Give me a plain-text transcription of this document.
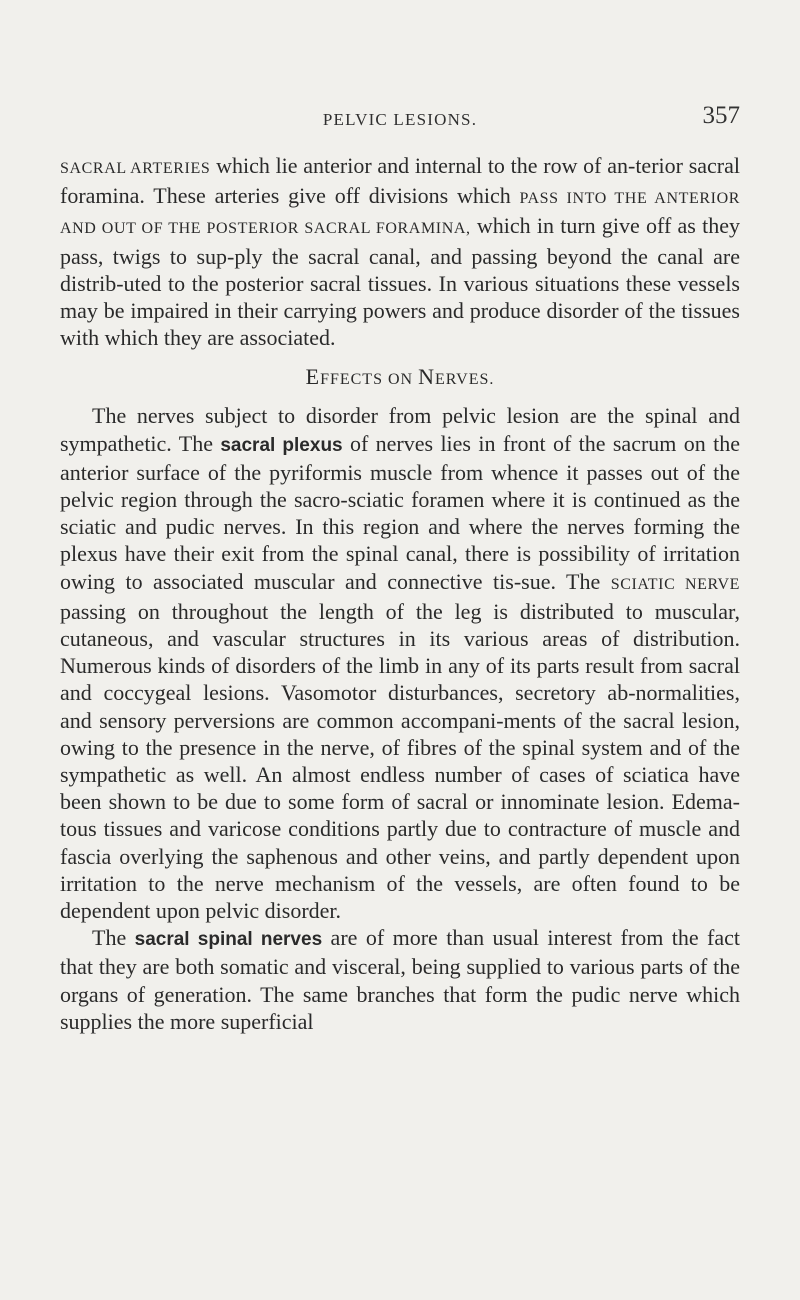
PELVIC LESIONS.	357

SACRAL ARTERIES which lie anterior and internal to the row of an-terior sacral foramina. These arteries give off divisions which PASS INTO THE ANTERIOR AND OUT OF THE POSTERIOR SACRAL FORAMINA, which in turn give off as they pass, twigs to sup-ply the sacral canal, and passing beyond the canal are distrib-uted to the posterior sacral tissues. In various situations these vessels may be impaired in their carrying powers and produce disorder of the tissues with which they are associated.

EFFECTS ON NERVES.

The nerves subject to disorder from pelvic lesion are the spinal and sympathetic. The sacral plexus of nerves lies in front of the sacrum on the anterior surface of the pyriformis muscle from whence it passes out of the pelvic region through the sacro-sciatic foramen where it is continued as the sciatic and pudic nerves. In this region and where the nerves forming the plexus have their exit from the spinal canal, there is possibility of irritation owing to associated muscular and connective tis-sue. The SCIATIC NERVE passing on throughout the length of the leg is distributed to muscular, cutaneous, and vascular structures in its various areas of distribution. Numerous kinds of disorders of the limb in any of its parts result from sacral and coccygeal lesions. Vasomotor disturbances, secretory ab-normalities, and sensory perversions are common accompani-ments of the sacral lesion, owing to the presence in the nerve, of fibres of the spinal system and of the sympathetic as well. An almost endless number of cases of sciatica have been shown to be due to some form of sacral or innominate lesion. Edema-tous tissues and varicose conditions partly due to contracture of muscle and fascia overlying the saphenous and other veins, and partly dependent upon irritation to the nerve mechanism of the vessels, are often found to be dependent upon pelvic disorder.

The sacral spinal nerves are of more than usual interest from the fact that they are both somatic and visceral, being supplied to various parts of the organs of generation. The same branches that form the pudic nerve which supplies the more superficial
